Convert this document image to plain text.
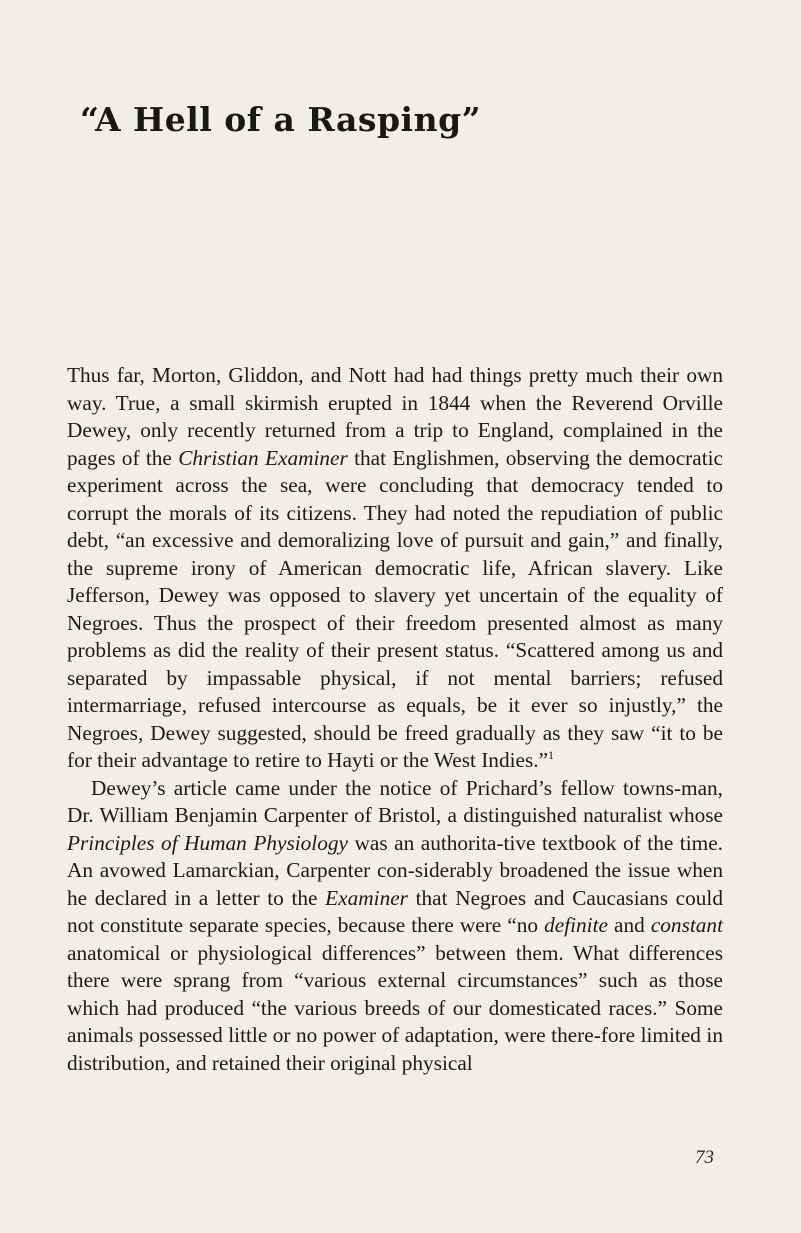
“A Hell of a Rasping”

Thus far, Morton, Gliddon, and Nott had had things pretty much their own way. True, a small skirmish erupted in 1844 when the Reverend Orville Dewey, only recently returned from a trip to England, complained in the pages of the Christian Examiner that Englishmen, observing the democratic experiment across the sea, were concluding that democracy tended to corrupt the morals of its citizens. They had noted the repudiation of public debt, “an excessive and demoralizing love of pursuit and gain,” and finally, the supreme irony of American democratic life, African slavery. Like Jefferson, Dewey was opposed to slavery yet uncertain of the equality of Negroes. Thus the prospect of their freedom presented almost as many problems as did the reality of their present status. “Scattered among us and separated by impassable physical, if not mental barriers; refused intermarriage, refused intercourse as equals, be it ever so injustly,” the Negroes, Dewey suggested, should be freed gradually as they saw “it to be for their advantage to retire to Hayti or the West Indies.”$^1$

Dewey’s article came under the notice of Prichard’s fellow towns-man, Dr. William Benjamin Carpenter of Bristol, a distinguished naturalist whose Principles of Human Physiology was an authorita-tive textbook of the time. An avowed Lamarckian, Carpenter con-siderably broadened the issue when he declared in a letter to the Examiner that Negroes and Caucasians could not constitute separate species, because there were “no definite and constant anatomical or physiological differences” between them. What differences there were sprang from “various external circumstances” such as those which had produced “the various breeds of our domesticated races.” Some animals possessed little or no power of adaptation, were there-fore limited in distribution, and retained their original physical

73
